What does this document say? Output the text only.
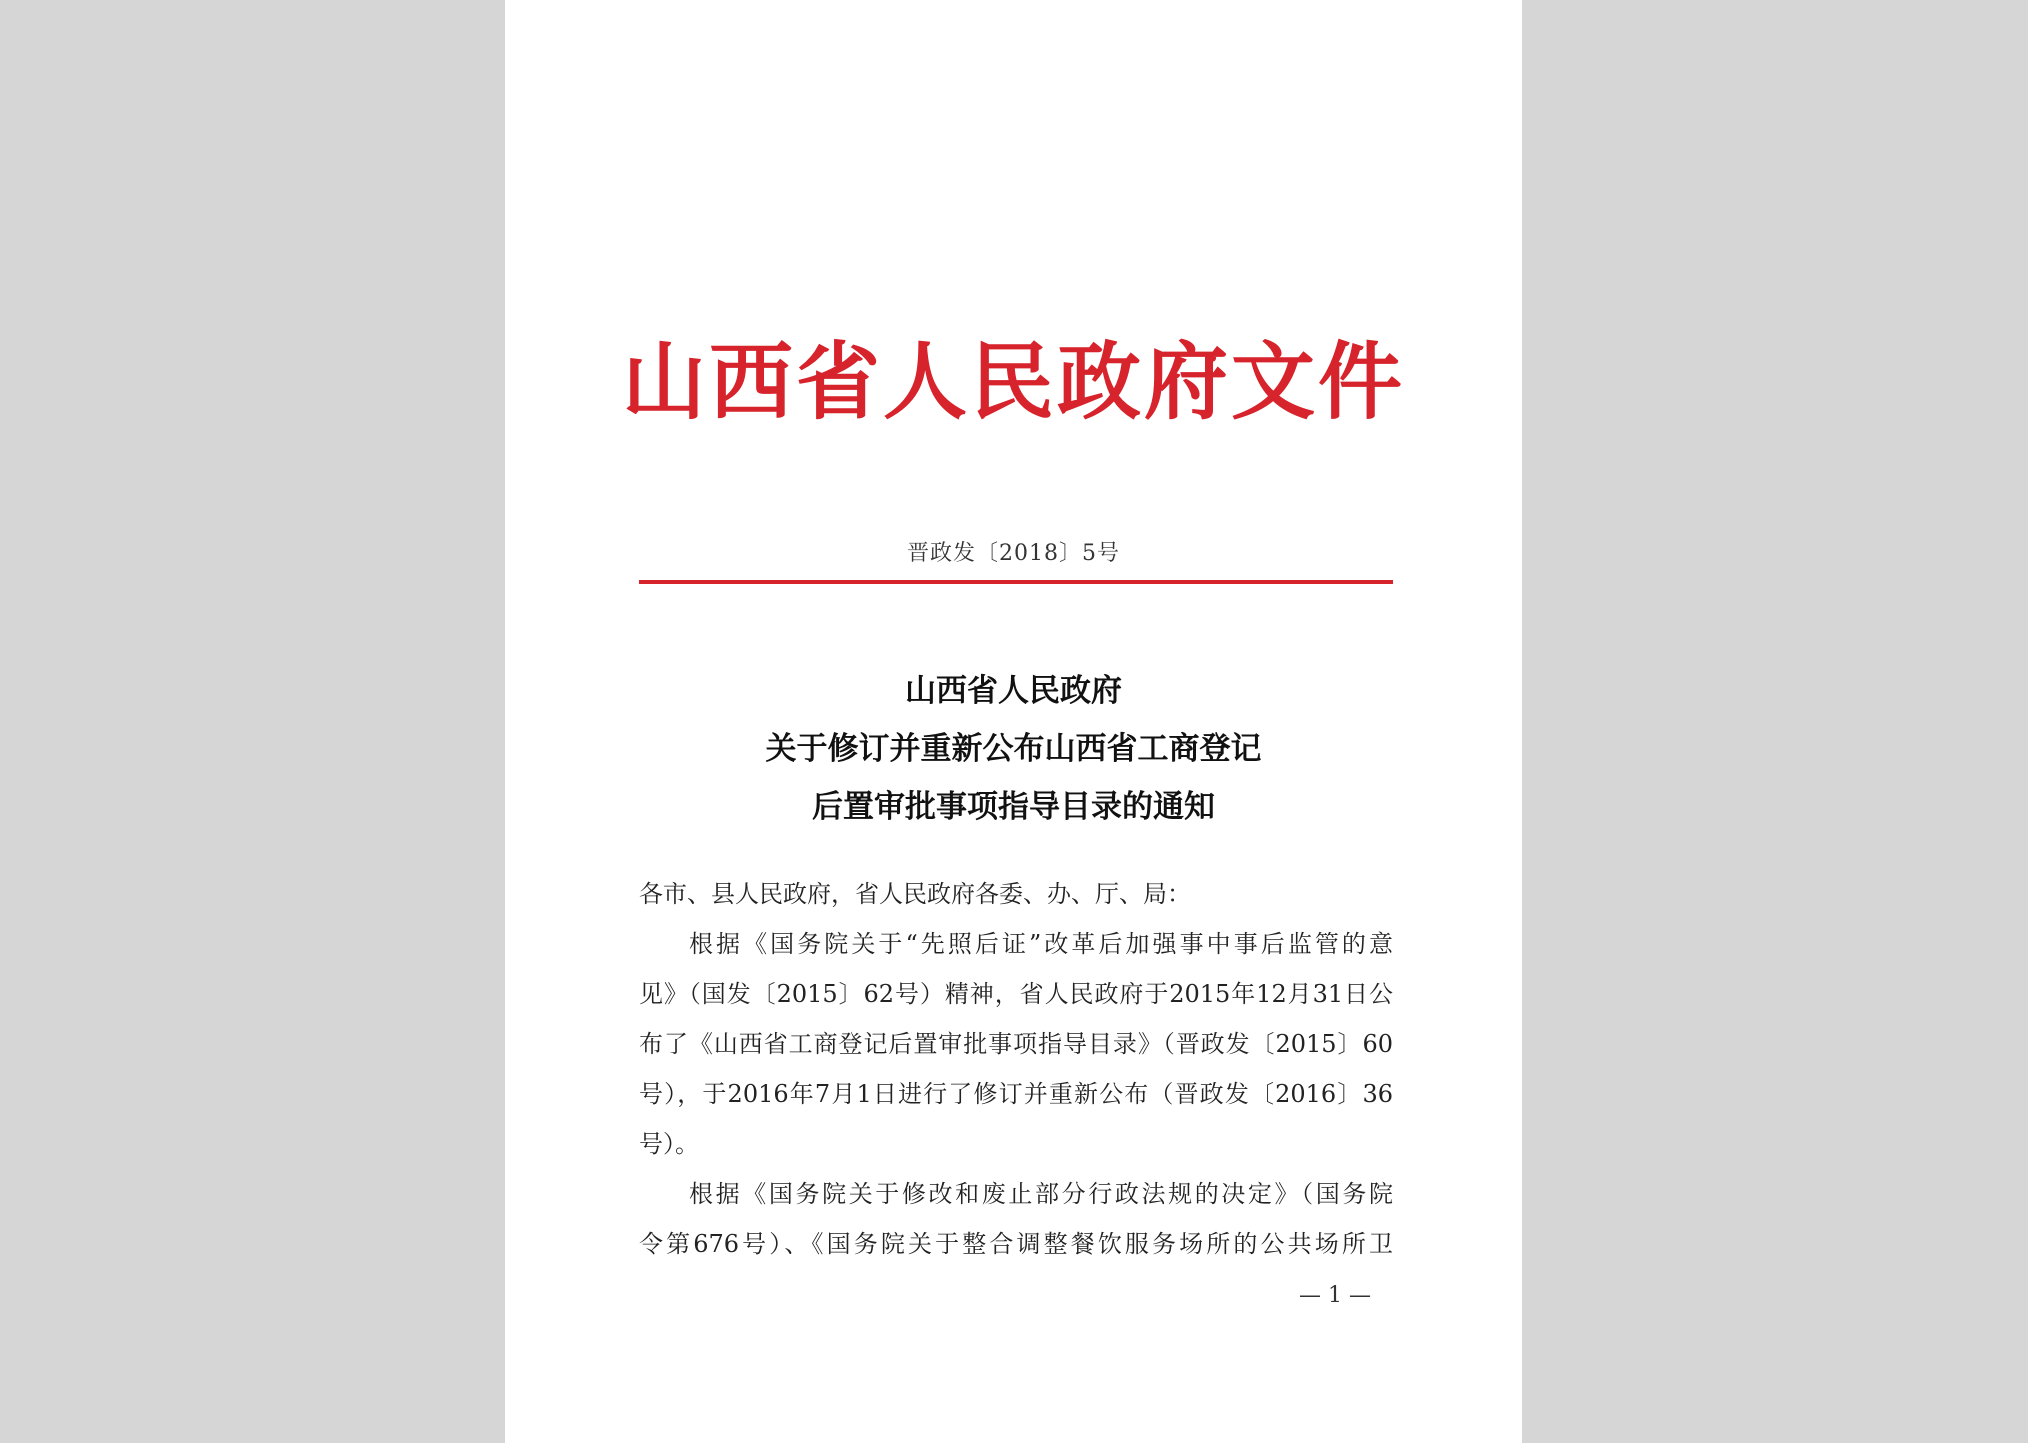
山西省人民政府文件
晋政发〔2018〕5号
山西省人民政府
关于修订并重新公布山西省工商登记
后置审批事项指导目录的通知
各市、县人民政府，省人民政府各委、办、厅、局：
根据《国务院关于“先照后证”改革后加强事中事后监管的意
见》（国发〔2015〕62号）精神，省人民政府于2015年12月31日公
布了《山西省工商登记后置审批事项指导目录》（晋政发〔2015〕60
号），于2016年7月1日进行了修订并重新公布（晋政发〔2016〕36
号）。
根据《国务院关于修改和废止部分行政法规的决定》（国务院
令第676号）、《国务院关于整合调整餐饮服务场所的公共场所卫
— 1 —
